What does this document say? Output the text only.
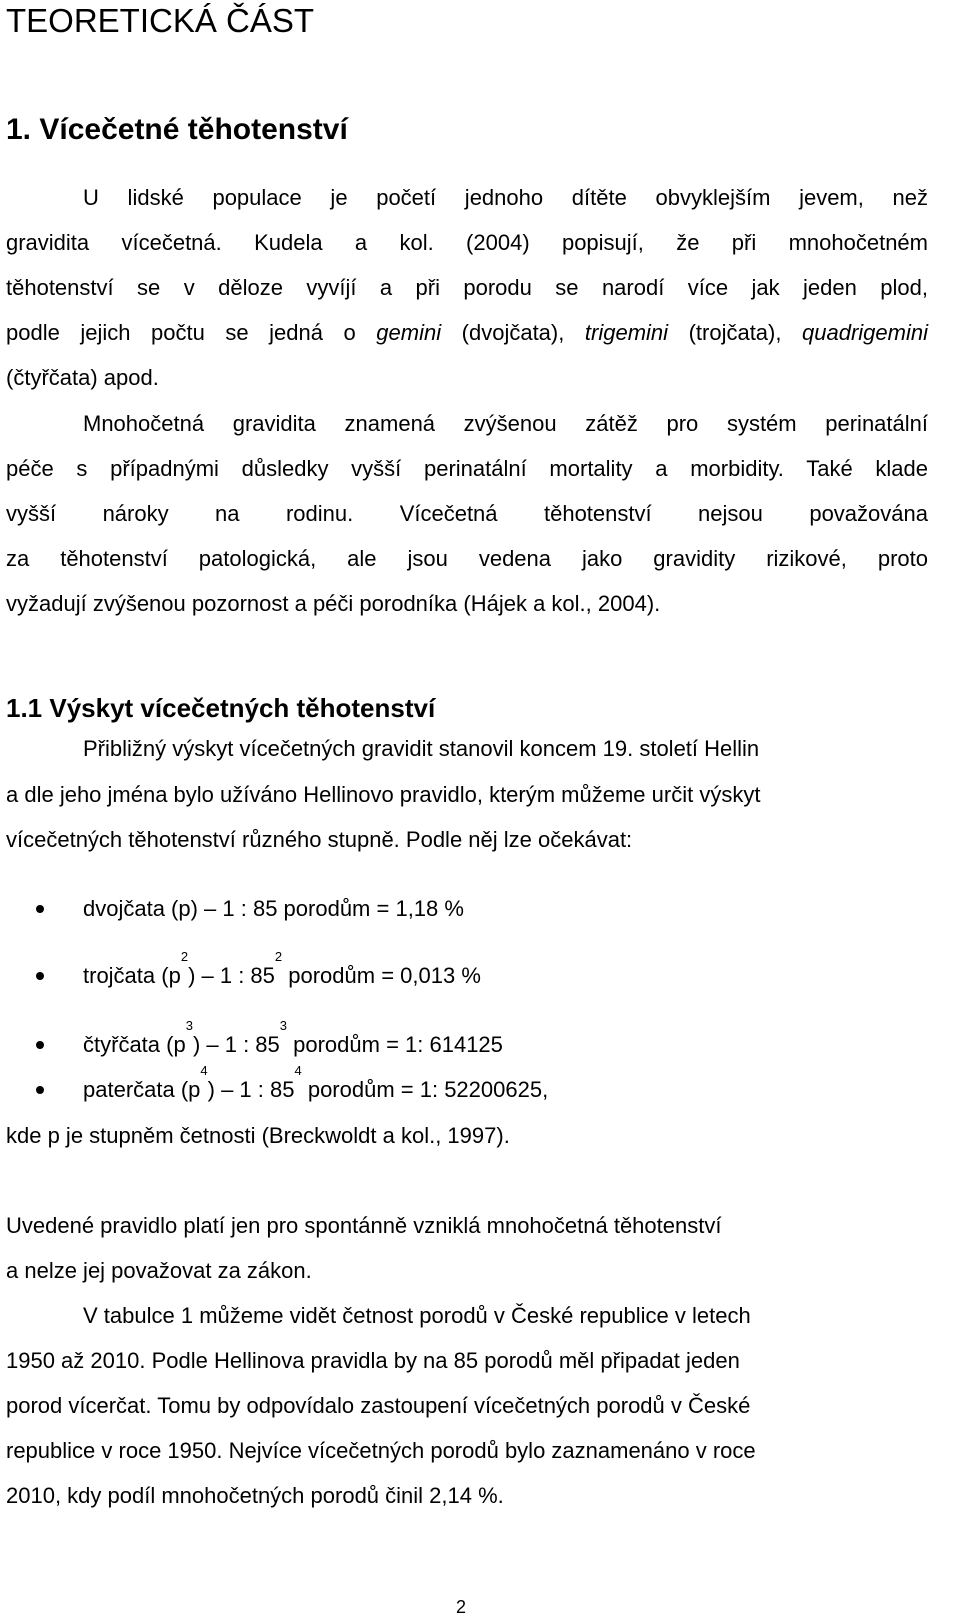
TEORETICKÁ ČÁST
1. Vícečetné těhotenství
U lidské populace je početí jednoho dítěte obvyklejším jevem, než
gravidita vícečetná. Kudela a kol. (2004) popisují, že při mnohočetném
těhotenství se v děloze vyvíjí a při porodu se narodí více jak jeden plod,
podle jejich počtu se jedná o gemini (dvojčata), trigemini (trojčata), quadrigemini
(čtyřčata) apod.
Mnohočetná gravidita znamená zvýšenou zátěž pro systém perinatální
péče s případnými důsledky vyšší perinatální mortality a morbidity. Také klade
vyšší nároky na rodinu. Vícečetná těhotenství nejsou považována
za těhotenství patologická, ale jsou vedena jako gravidity rizikové, proto
vyžadují zvýšenou pozornost a péči porodníka (Hájek a kol., 2004).
1.1 Výskyt vícečetných těhotenství
Přibližný výskyt vícečetných gravidit stanovil koncem 19. století Hellin
a dle jeho jména bylo užíváno Hellinovo pravidlo, kterým můžeme určit výskyt
vícečetných těhotenství různého stupně. Podle něj lze očekávat:
dvojčata (p) – 1 : 85 porodům = 1,18 %
trojčata $(p^2) - 1$ : $85^2$ porodům = 0,013 %
čtyřčata $(p^3) - 1$ : $85^3$ porodům = 1: 614125
paterčata $(p^4) - 1$ : $85^4$ porodům = 1: 52200625,
kde p je stupněm četnosti (Breckwoldt a kol., 1997).
Uvedené pravidlo platí jen pro spontánně vzniklá mnohočetná těhotenství
a nelze jej považovat za zákon.
V tabulce 1 můžeme vidět četnost porodů v České republice v letech
1950 až 2010. Podle Hellinova pravidla by na 85 porodů měl připadat jeden
porod vícerčat. Tomu by odpovídalo zastoupení vícečetných porodů v České
republice v roce 1950. Nejvíce vícečetných porodů bylo zaznamenáno v roce
2010, kdy podíl mnohočetných porodů činil 2,14 %.
2
